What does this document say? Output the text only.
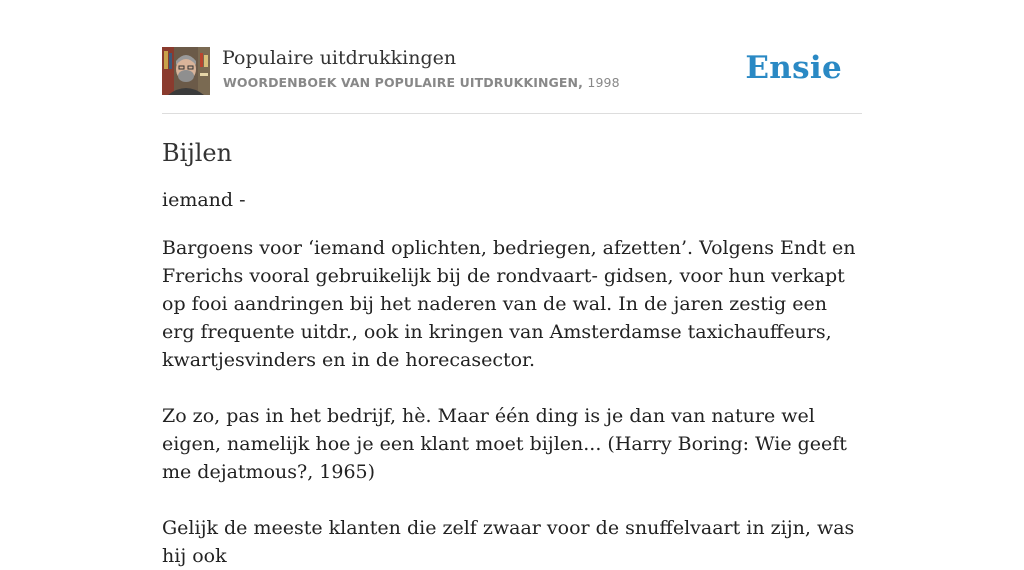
Populaire uitdrukkingen
WOORDENBOEK VAN POPULAIRE UITDRUKKINGEN, 1998	Ensie
Bijlen
iemand -

Bargoens voor ‘iemand oplichten, bedriegen, afzetten’. Volgens Endt en Frerichs vooral gebruikelijk bij de rondvaart- gidsen, voor hun verkapt op fooi aandringen bij het naderen van de wal. In de jaren zestig een erg frequente uitdr., ook in kringen van Amsterdamse taxichauffeurs, kwartjesvinders en in de horecasector.

Zo zo, pas in het bedrijf, hè. Maar één ding is je dan van nature wel eigen, namelijk hoe je een klant moet bijlen... (Harry Boring: Wie geeft me dejatmous?, 1965)

Gelijk de meeste klanten die zelf zwaar voor de snuffelvaart in zijn, was hij ook
